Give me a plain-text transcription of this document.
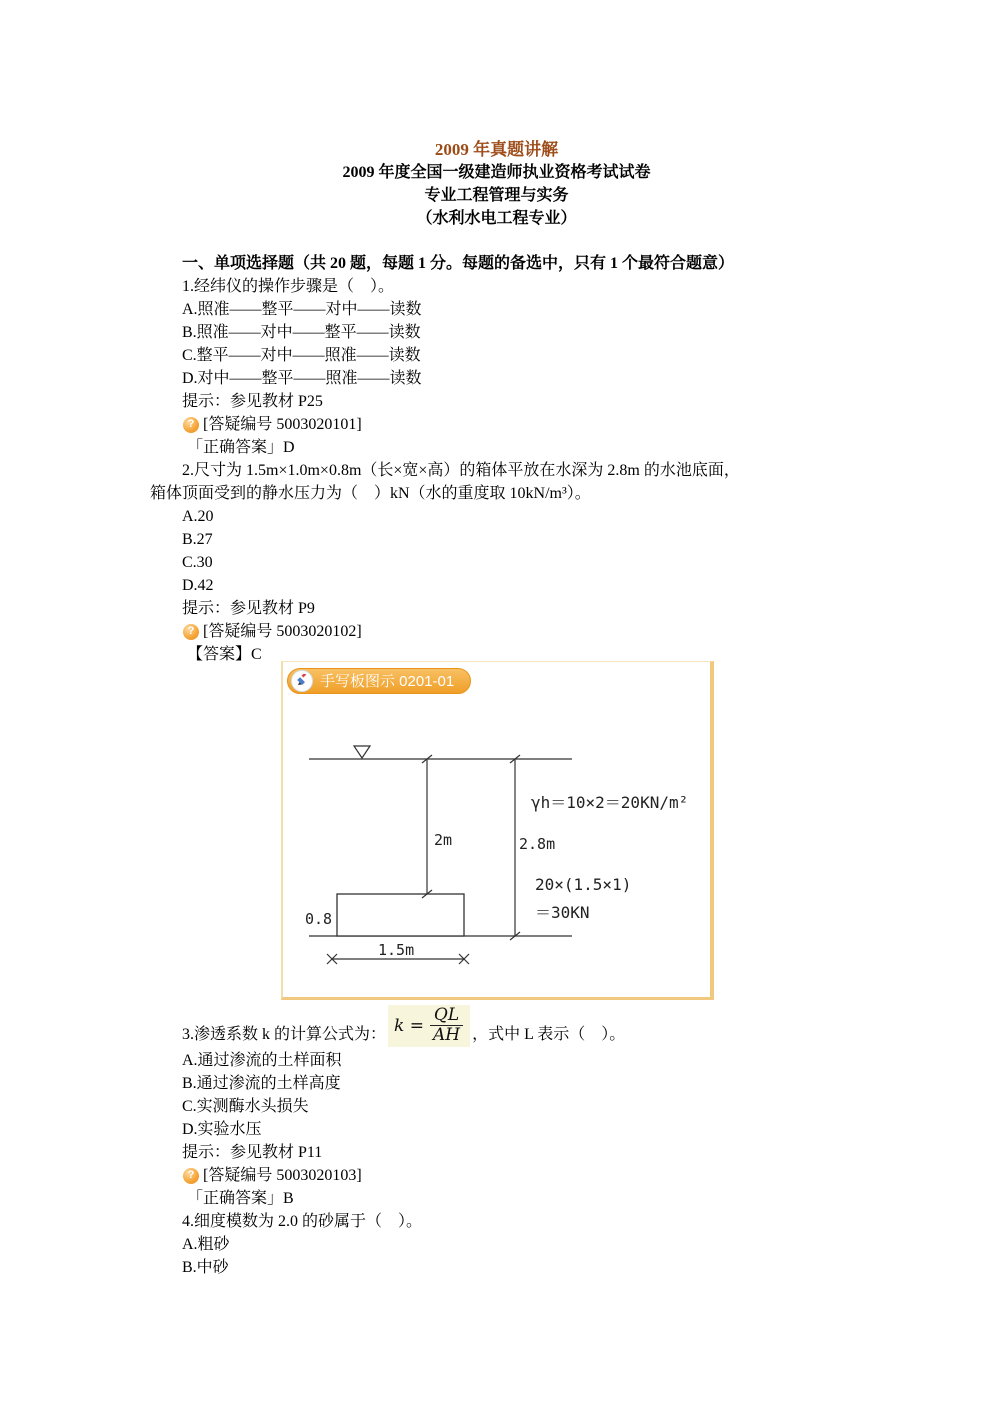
2009 年真题讲解
2009 年度全国一级建造师执业资格考试试卷
专业工程管理与实务
（水利水电工程专业）
一、单项选择题（共 20 题，每题 1 分。每题的备选中，只有 1 个最符合题意）
1.经纬仪的操作步骤是（　）。
A.照准——整平——对中——读数
B.照准——对中——整平——读数
C.整平——对中——照准——读数
D.对中——整平——照准——读数
提示：参见教材 P25
? [答疑编号 5003020101]
「正确答案」D
2.尺寸为 1.5m×1.0m×0.8m（长×宽×高）的箱体平放在水深为 2.8m 的水池底面，
箱体顶面受到的静水压力为（　）kN（水的重度取 10kN/m³）。
A.20
B.27
C.30
D.42
提示：参见教材 P9
? [答疑编号 5003020102]
【答案】C
手写板图示 0201-01
2m	2.8m
0.8
1.5m
γh＝10×2＝20KN/m²
20×(1.5×1)
＝30KN
3.渗透系数 k 的计算公式为： $k = \frac{QL}{AH}$ ，式中 L 表示（　）。
A.通过渗流的土样面积
B.通过渗流的土样高度
C.实测酶水头损失
D.实验水压
提示：参见教材 P11
? [答疑编号 5003020103]
「正确答案」B
4.细度模数为 2.0 的砂属于（　）。
A.粗砂
B.中砂
